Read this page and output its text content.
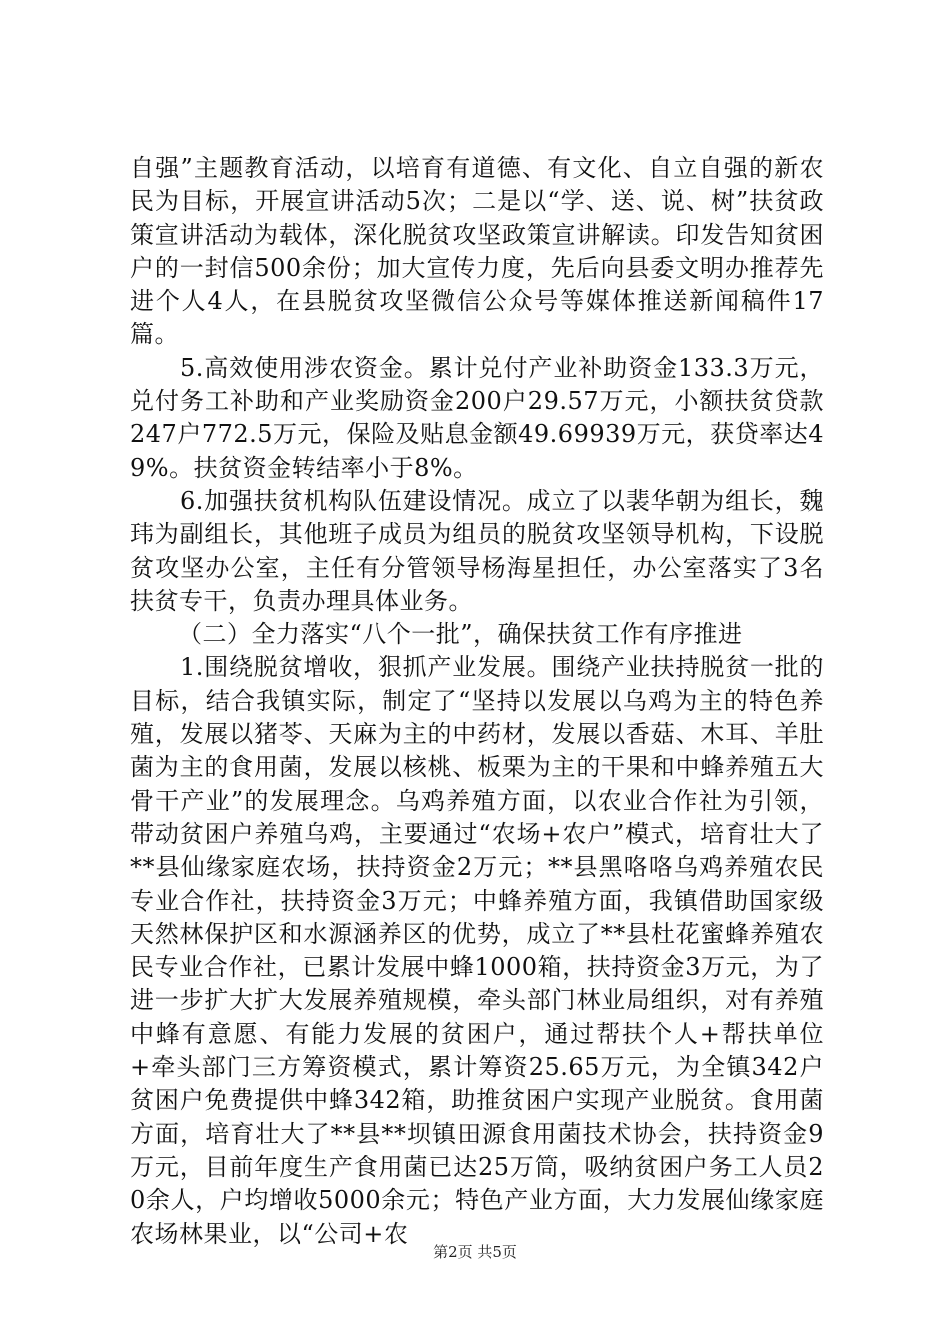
自强”主题教育活动，以培育有道德、有文化、自立自强的新农民为目标，开展宣讲活动5次；二是以“学、送、说、树”扶贫政策宣讲活动为载体，深化脱贫攻坚政策宣讲解读。印发告知贫困户的一封信500余份；加大宣传力度，先后向县委文明办推荐先进个人4人，在县脱贫攻坚微信公众号等媒体推送新闻稿件17篇。

5.高效使用涉农资金。累计兑付产业补助资金133.3万元，兑付务工补助和产业奖励资金200户29.57万元，小额扶贫贷款247户772.5万元，保险及贴息金额49.69939万元，获贷率达49%。扶贫资金转结率小于8%。

6.加强扶贫机构队伍建设情况。成立了以裴华朝为组长，魏玮为副组长，其他班子成员为组员的脱贫攻坚领导机构，下设脱贫攻坚办公室，主任有分管领导杨海星担任，办公室落实了3名扶贫专干，负责办理具体业务。

（二）全力落实“八个一批”，确保扶贫工作有序推进

1.围绕脱贫增收，狠抓产业发展。围绕产业扶持脱贫一批的目标，结合我镇实际，制定了“坚持以发展以乌鸡为主的特色养殖，发展以猪苓、天麻为主的中药材，发展以香菇、木耳、羊肚菌为主的食用菌，发展以核桃、板栗为主的干果和中蜂养殖五大骨干产业”的发展理念。乌鸡养殖方面，以农业合作社为引领，带动贫困户养殖乌鸡，主要通过“农场+农户”模式，培育壮大了**县仙缘家庭农场，扶持资金2万元；**县黑咯咯乌鸡养殖农民专业合作社，扶持资金3万元；中蜂养殖方面，我镇借助国家级天然林保护区和水源涵养区的优势，成立了**县杜花蜜蜂养殖农民专业合作社，已累计发展中蜂1000箱，扶持资金3万元，为了进一步扩大扩大发展养殖规模，牵头部门林业局组织，对有养殖中蜂有意愿、有能力发展的贫困户，通过帮扶个人+帮扶单位+牵头部门三方筹资模式，累计筹资25.65万元，为全镇342户贫困户免费提供中蜂342箱，助推贫困户实现产业脱贫。食用菌方面，培育壮大了**县**坝镇田源食用菌技术协会，扶持资金9万元，目前年度生产食用菌已达25万筒，吸纳贫困户务工人员20余人，户均增收5000余元；特色产业方面，大力发展仙缘家庭农场林果业，以“公司+农

第2页 共5页
